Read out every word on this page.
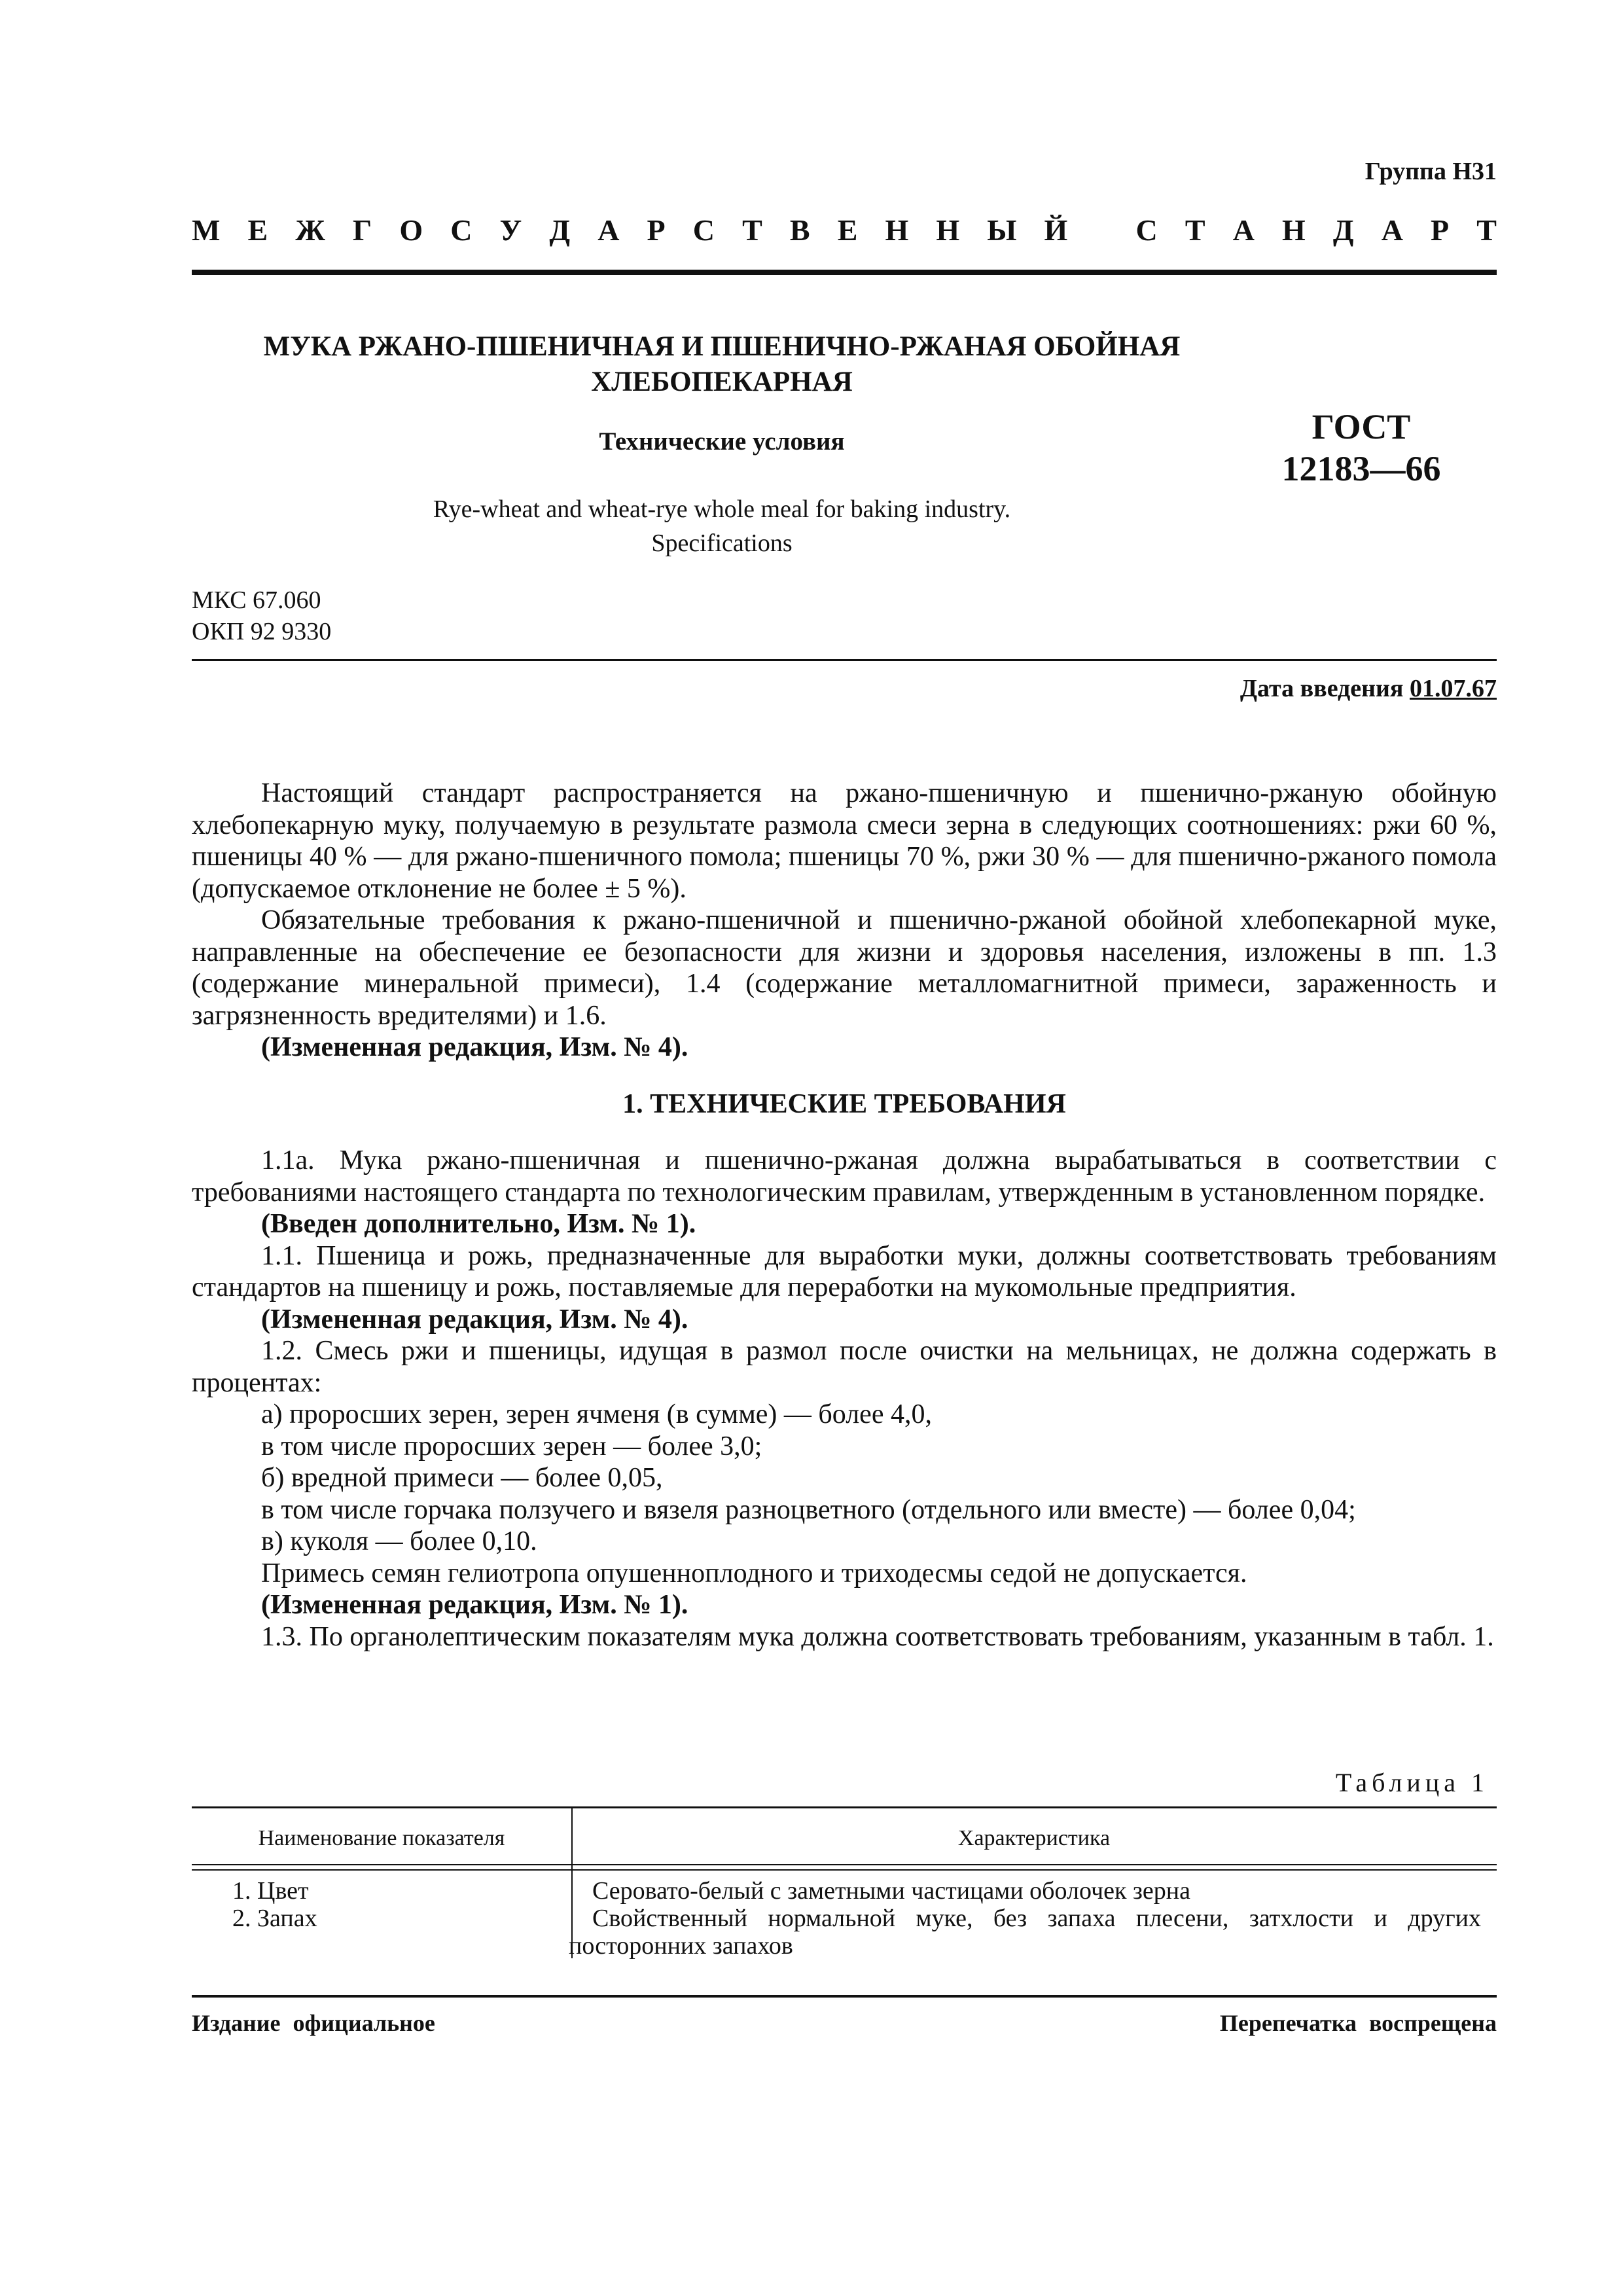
Группа Н31
М Е Ж Г О С У Д А Р С Т В Е Н Н Ы Й С Т А Н Д А Р Т
МУКА РЖАНО-ПШЕНИЧНАЯ И ПШЕНИЧНО-РЖАНАЯ ОБОЙНАЯ
ХЛЕБОПЕКАРНАЯ
Технические условия	ГОСТ
12183—66
Rye-wheat and wheat-rye whole meal for baking industry.
Specifications
МКС 67.060
ОКП 92 9330
Дата введения 01.07.67

Настоящий стандарт распространяется на ржано-пшеничную и пшенично-ржаную обойную хлебопекарную муку, получаемую в результате размола смеси зерна в следующих соотношениях: ржи 60 %, пшеницы 40 % — для ржано-пшеничного помола; пшеницы 70 %, ржи 30 % — для пшенично-ржаного помола (допускаемое отклонение не более ± 5 %).

Обязательные требования к ржано-пшеничной и пшенично-ржаной обойной хлебопекарной муке, направленные на обеспечение ее безопасности для жизни и здоровья населения, изложены в пп. 1.3 (содержание минеральной примеси), 1.4 (содержание металломагнитной примеси, зараженность и загрязненность вредителями) и 1.6.

(Измененная редакция, Изм. № 4).

1. ТЕХНИЧЕСКИЕ ТРЕБОВАНИЯ

1.1а. Мука ржано-пшеничная и пшенично-ржаная должна вырабатываться в соответствии с требованиями настоящего стандарта по технологическим правилам, утвержденным в установленном порядке.

(Введен дополнительно, Изм. № 1).

1.1. Пшеница и рожь, предназначенные для выработки муки, должны соответствовать требованиям стандартов на пшеницу и рожь, поставляемые для переработки на мукомольные предприятия.

(Измененная редакция, Изм. № 4).

1.2. Смесь ржи и пшеницы, идущая в размол после очистки на мельницах, не должна содержать в процентах:

а) проросших зерен, зерен ячменя (в сумме) — более 4,0,

в том числе проросших зерен — более 3,0;

б) вредной примеси — более 0,05,

в том числе горчака ползучего и вязеля разноцветного (отдельного или вместе) — более 0,04;

в) куколя — более 0,10.

Примесь семян гелиотропа опушеннoплодного и триходесмы седой не допускается.

(Измененная редакция, Изм. № 1).

1.3. По органолептическим показателям мука должна соответствовать требованиям, указанным в табл. 1.

Таблица 1
Наименование показателя	Характеристика
1. Цвет	Серовато-белый с заметными частицами оболочек зерна
2. Запах	Свойственный нормальной муке, без запаха плесени, затхлости и других посторонних запахов
Издание официальное	Перепечатка воспрещена
